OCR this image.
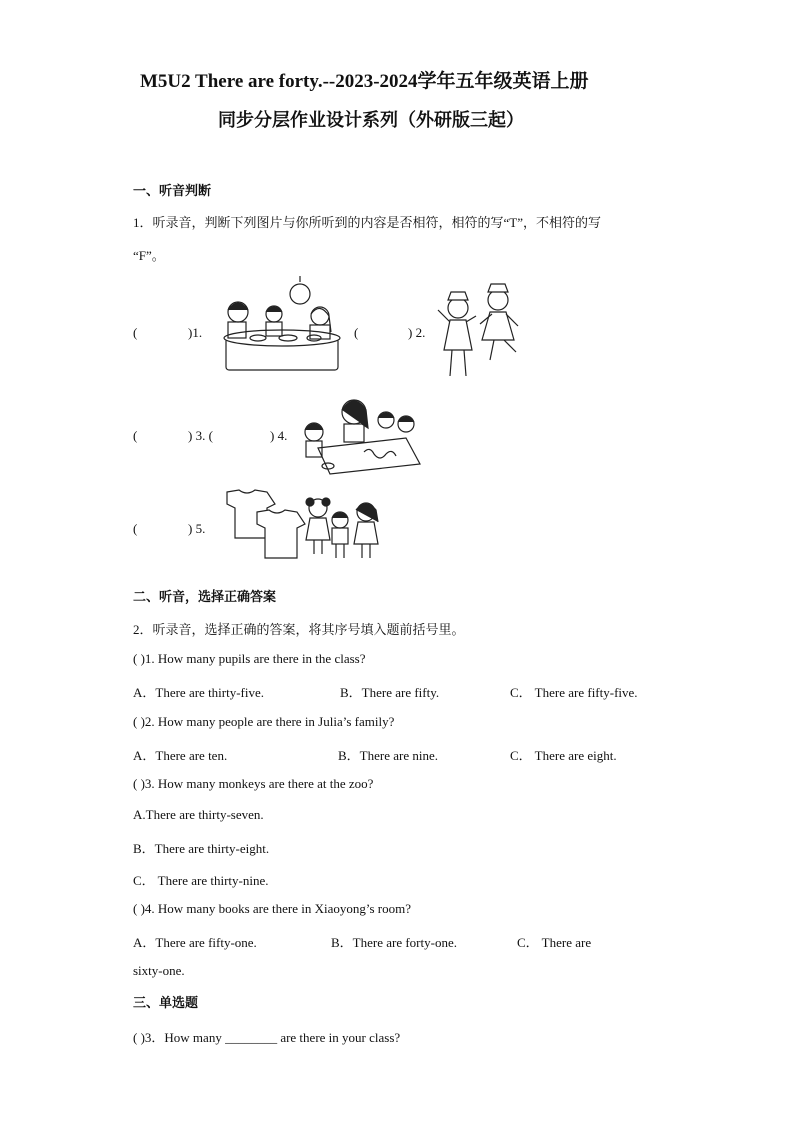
M5U2 There are forty.--2023-2024学年五年级英语上册
同步分层作业设计系列（外研版三起）
一、听音判断
1．听录音，判断下列图片与你所听到的内容是否相符，相符的写“T”，不相符的写
“F”。
(	)1.	(	) 2.
(	) 3. (	) 4.
(	) 5.
二、听音，选择正确答案
2．听录音，选择正确的答案，将其序号填入题前括号里。
( )1. How many pupils are there in the class?
A．There are thirty-five.	B．There are fifty.	C． There are fifty-five.
( )2. How many people are there in Julia’s family?
A．There are ten.	B．There are nine.	C． There are eight.
( )3. How many monkeys are there at the zoo?
A.There are thirty-seven.
B．There are thirty-eight.
C． There are thirty-nine.
( )4. How many books are there in Xiaoyong’s room?
A．There are fifty-one.	B．There are forty-one.	C． There are
sixty-one.
三、单选题
( )3．How many ________ are there in your class?
